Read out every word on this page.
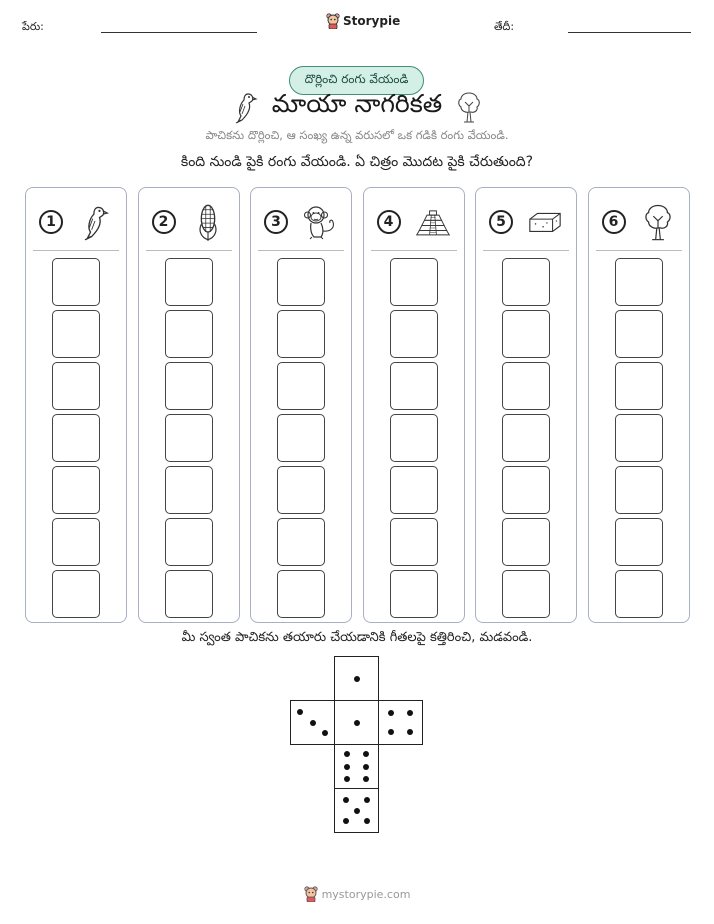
పేరు:	Storypie	తేదీ:
దొర్లించి రంగు వేయండి
మాయా నాగరికత
పాచికను దొర్లించి, ఆ సంఖ్య ఉన్న వరుసలో ఒక గడికి రంగు వేయండి.
కింది నుండి పైకి రంగు వేయండి. ఏ చిత్రం మొదట పైకి చేరుతుంది?
1	2	3	4	5	6
మీ స్వంత పాచికను తయారు చేయడానికి గీతలపై కత్తిరించి, మడవండి.
mystorypie.com
